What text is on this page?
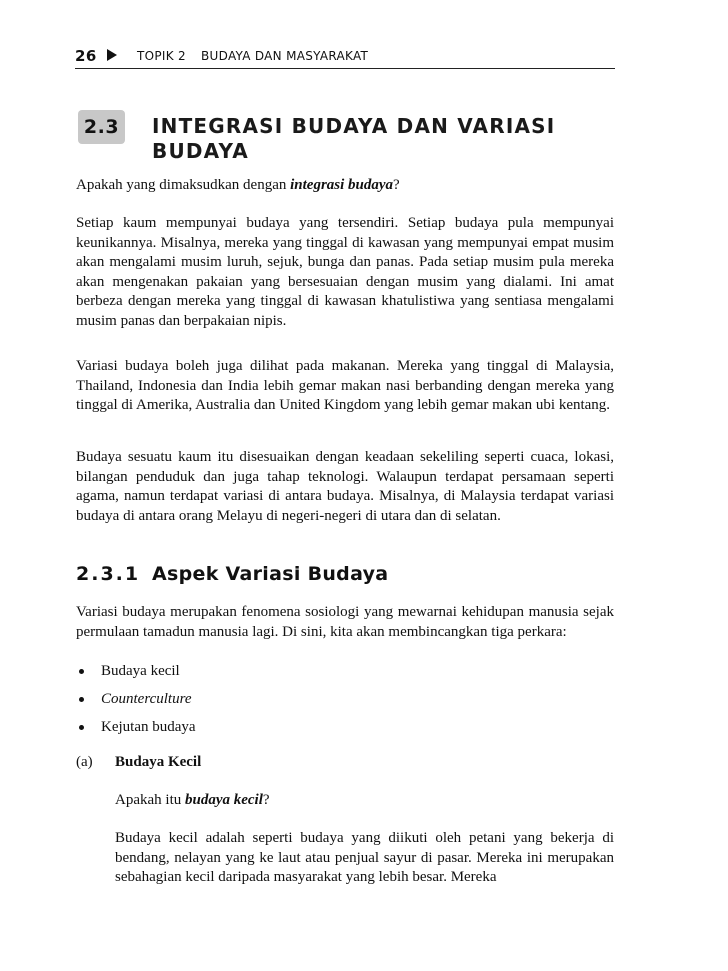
26	TOPIK 2 BUDAYA DAN MASYARAKAT
2.3 INTEGRASI BUDAYA DAN VARIASI BUDAYA
Apakah yang dimaksudkan dengan integrasi budaya?
Setiap kaum mempunyai budaya yang tersendiri. Setiap budaya pula mempunyai keunikannya. Misalnya, mereka yang tinggal di kawasan yang mempunyai empat musim akan mengalami musim luruh, sejuk, bunga dan panas. Pada setiap musim pula mereka akan mengenakan pakaian yang bersesuaian dengan musim yang dialami. Ini amat berbeza dengan mereka yang tinggal di kawasan khatulistiwa yang sentiasa mengalami musim panas dan berpakaian nipis.
Variasi budaya boleh juga dilihat pada makanan. Mereka yang tinggal di Malaysia, Thailand, Indonesia dan India lebih gemar makan nasi berbanding dengan mereka yang tinggal di Amerika, Australia dan United Kingdom yang lebih gemar makan ubi kentang.
Budaya sesuatu kaum itu disesuaikan dengan keadaan sekeliling seperti cuaca, lokasi, bilangan penduduk dan juga tahap teknologi. Walaupun terdapat persamaan seperti agama, namun terdapat variasi di antara budaya. Misalnya, di Malaysia terdapat variasi budaya di antara orang Melayu di negeri-negeri di utara dan di selatan.
2.3.1 Aspek Variasi Budaya
Variasi budaya merupakan fenomena sosiologi yang mewarnai kehidupan manusia sejak permulaan tamadun manusia lagi. Di sini, kita akan membincangkan tiga perkara:
Budaya kecil
Counterculture
Kejutan budaya
(a) Budaya Kecil
Apakah itu budaya kecil?
Budaya kecil adalah seperti budaya yang diikuti oleh petani yang bekerja di bendang, nelayan yang ke laut atau penjual sayur di pasar. Mereka ini merupakan sebahagian kecil daripada masyarakat yang lebih besar. Mereka
